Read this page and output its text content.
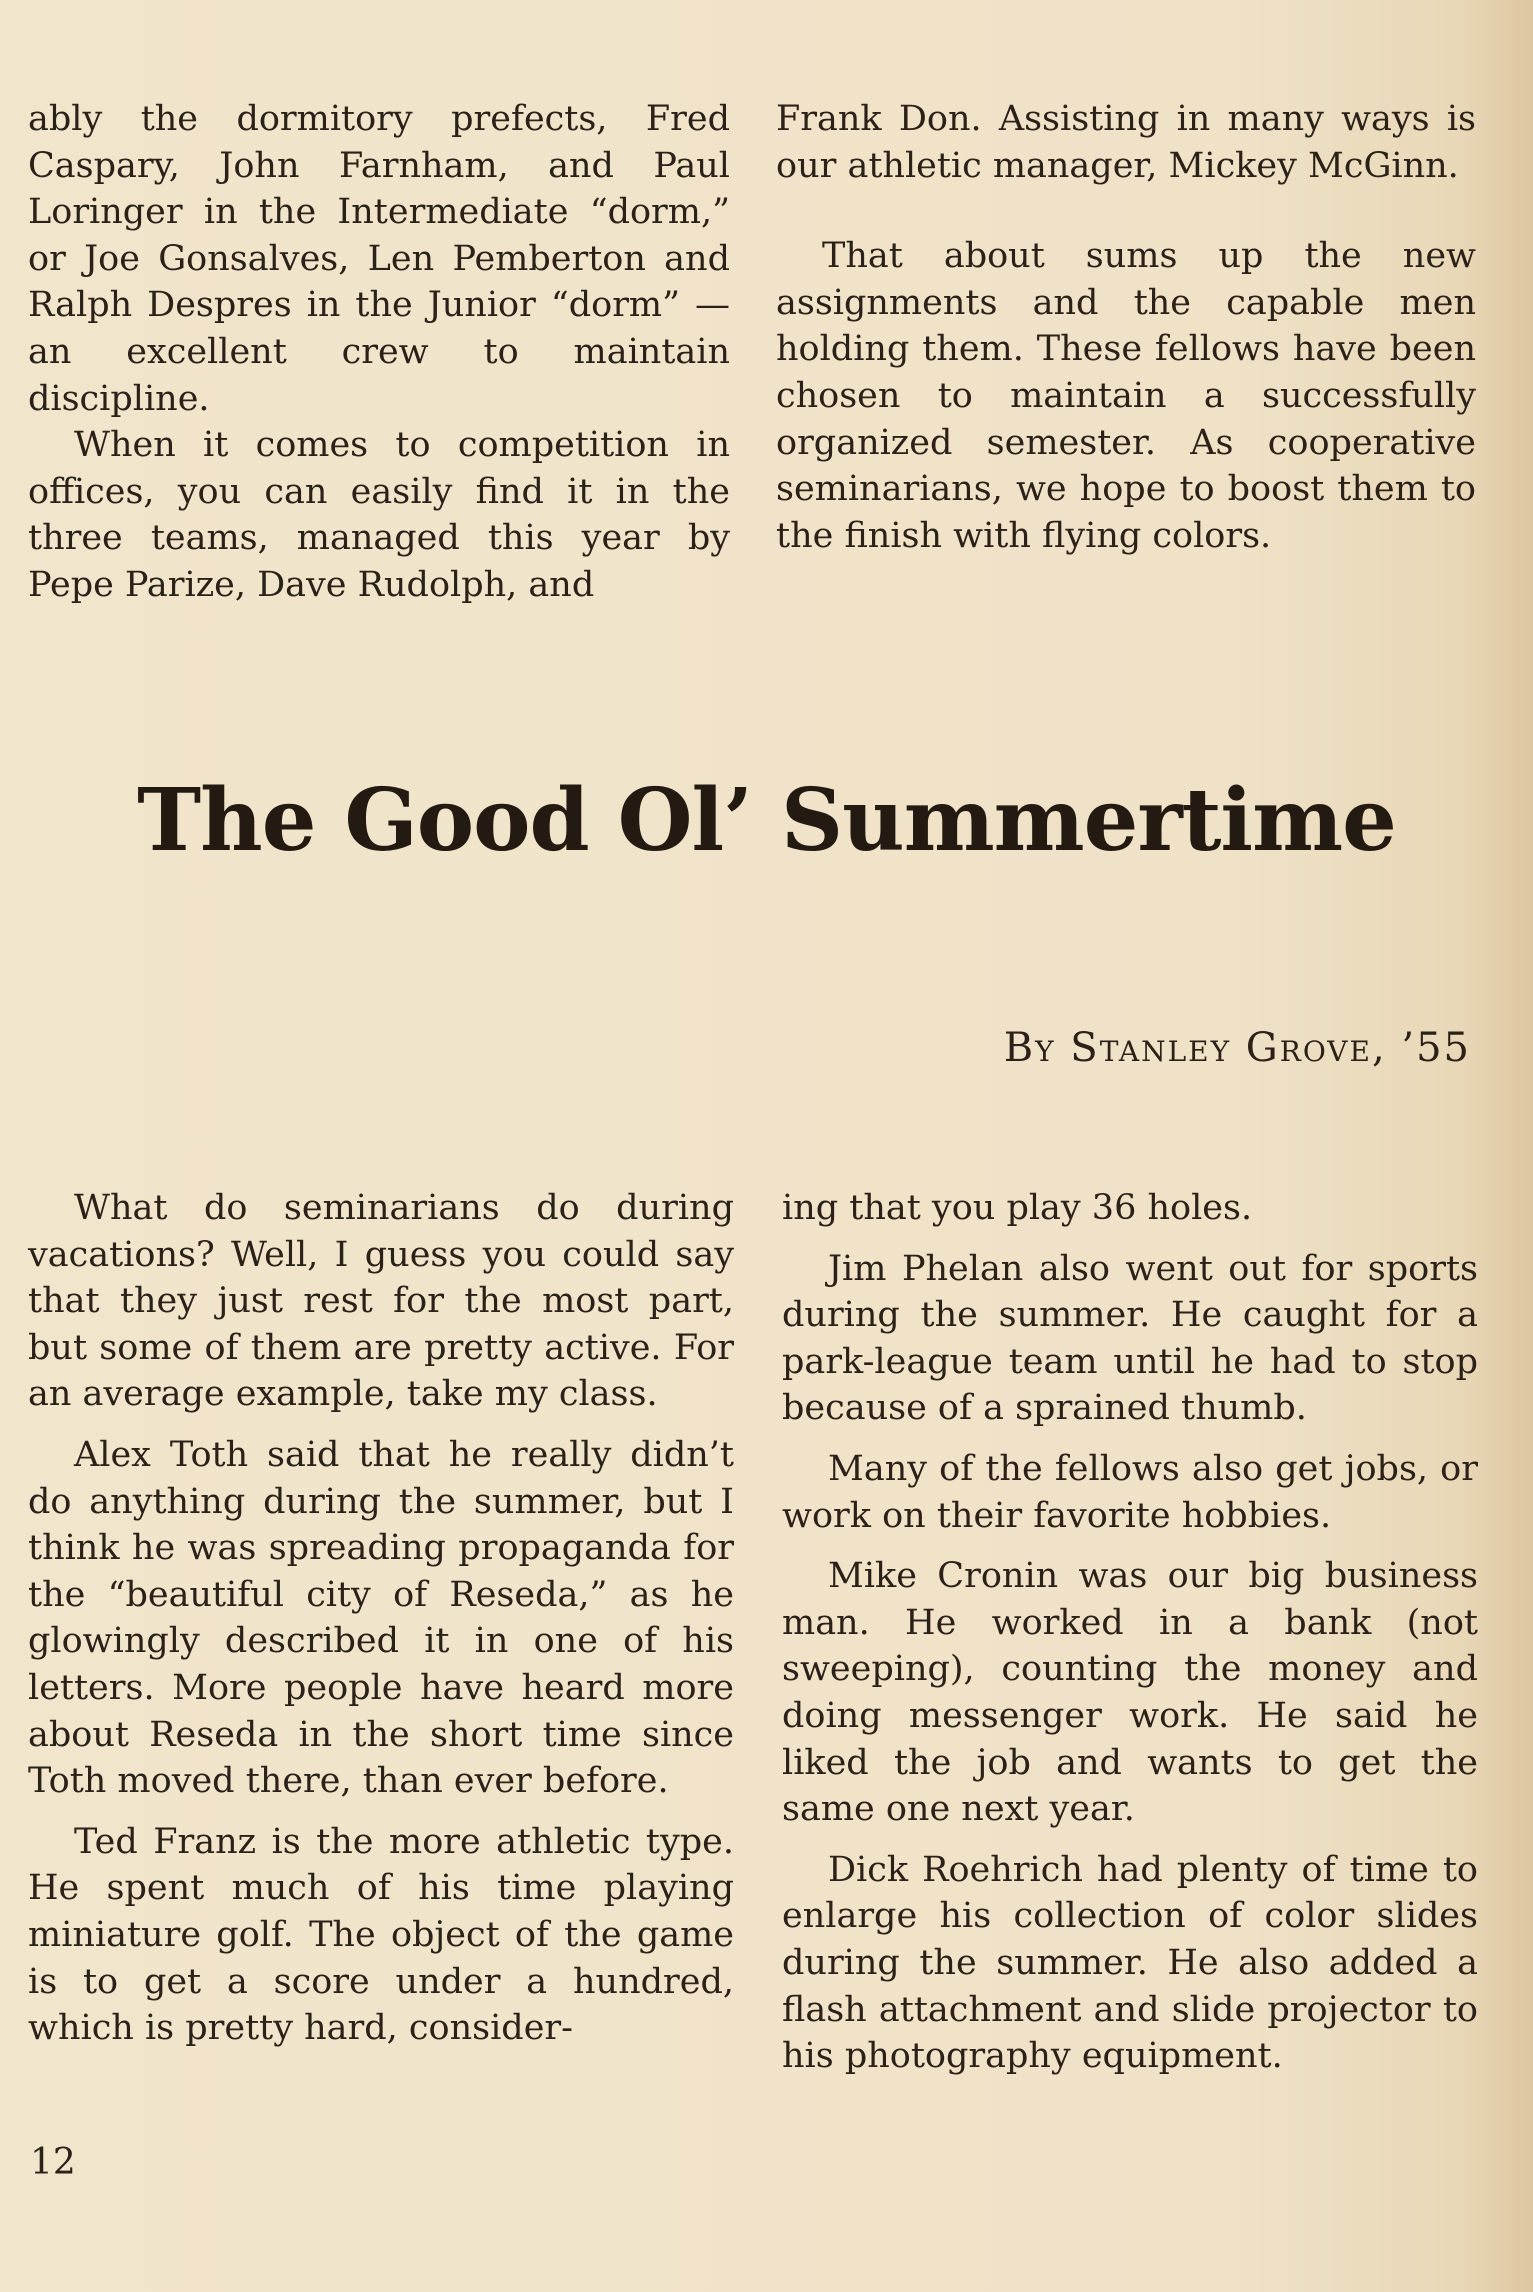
ably the dormitory prefects, Fred Caspary, John Farnham, and Paul Loringer in the Intermediate “dorm,” or Joe Gonsalves, Len Pemberton and Ralph Despres in the Junior “dorm” — an excellent crew to maintain discipline.

When it comes to competition in offices, you can easily find it in the three teams, managed this year by Pepe Parize, Dave Rudolph, and

Frank Don. Assisting in many ways is our athletic manager, Mickey McGinn.

That about sums up the new assignments and the capable men holding them. These fellows have been chosen to maintain a successfully organized semester. As cooperative seminarians, we hope to boost them to the finish with flying colors.

The Good Ol’ Summertime
By Stanley Grove, ’55

What do seminarians do during vacations? Well, I guess you could say that they just rest for the most part, but some of them are pretty active. For an average example, take my class.

Alex Toth said that he really didn’t do anything during the summer, but I think he was spreading propaganda for the “beautiful city of Reseda,” as he glowingly described it in one of his letters. More people have heard more about Reseda in the short time since Toth moved there, than ever before.

Ted Franz is the more athletic type. He spent much of his time playing miniature golf. The object of the game is to get a score under a hundred, which is pretty hard, consider-

ing that you play 36 holes.

Jim Phelan also went out for sports during the summer. He caught for a park-league team until he had to stop because of a sprained thumb.

Many of the fellows also get jobs, or work on their favorite hobbies.

Mike Cronin was our big business man. He worked in a bank (not sweeping), counting the money and doing messenger work. He said he liked the job and wants to get the same one next year.

Dick Roehrich had plenty of time to enlarge his collection of color slides during the summer. He also added a flash attachment and slide projector to his photography equipment.

12
